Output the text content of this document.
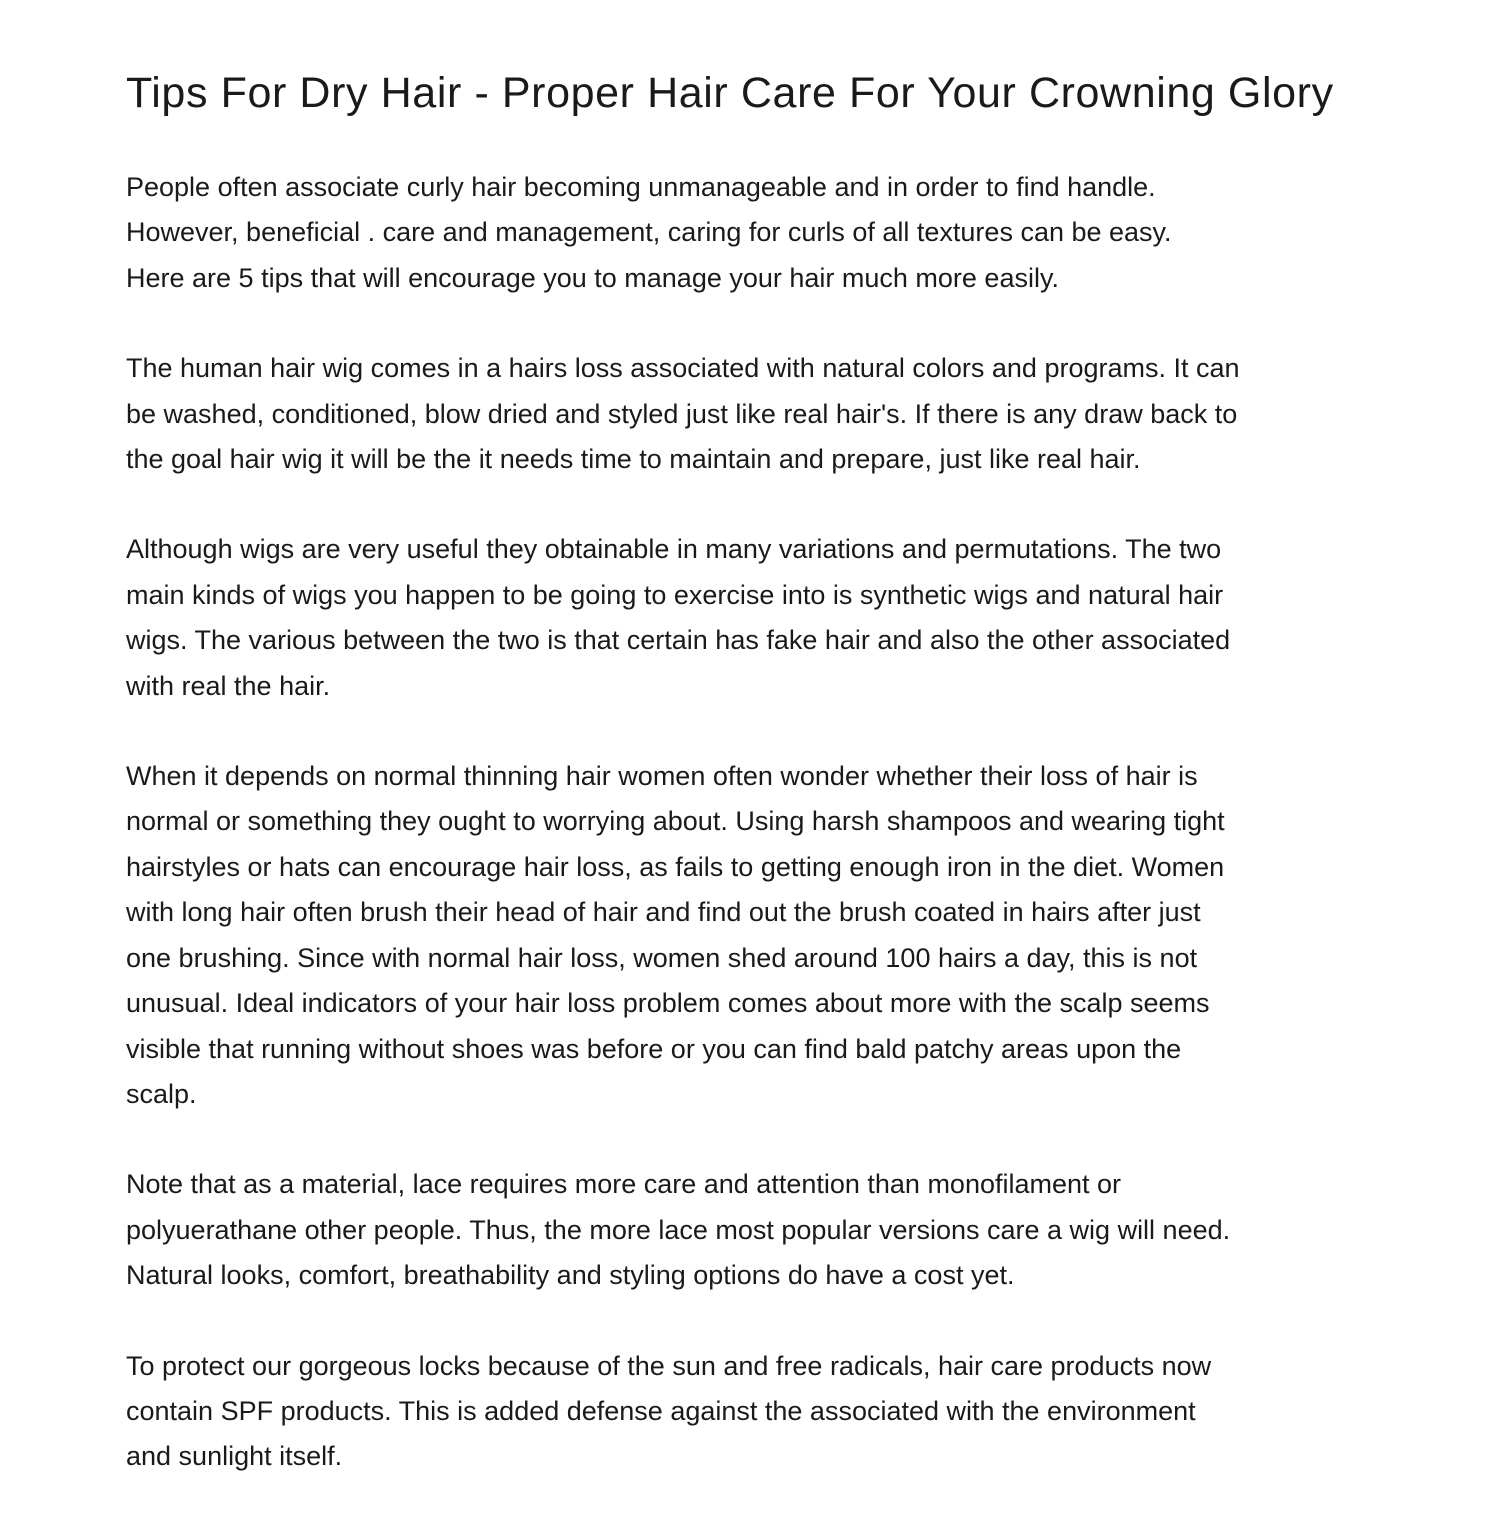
Tips For Dry Hair - Proper Hair Care For Your Crowning Glory

People often associate curly hair becoming unmanageable and in order to find handle.
However, beneficial . care and management, caring for curls of all textures can be easy.
Here are 5 tips that will encourage you to manage your hair much more easily.

The human hair wig comes in a hairs loss associated with natural colors and programs. It can
be washed, conditioned, blow dried and styled just like real hair's. If there is any draw back to
the goal hair wig it will be the it needs time to maintain and prepare, just like real hair.

Although wigs are very useful they obtainable in many variations and permutations. The two
main kinds of wigs you happen to be going to exercise into is synthetic wigs and natural hair
wigs. The various between the two is that certain has fake hair and also the other associated
with real the hair.

When it depends on normal thinning hair women often wonder whether their loss of hair is
normal or something they ought to worrying about. Using harsh shampoos and wearing tight
hairstyles or hats can encourage hair loss, as fails to getting enough iron in the diet. Women
with long hair often brush their head of hair and find out the brush coated in hairs after just
one brushing. Since with normal hair loss, women shed around 100 hairs a day, this is not
unusual. Ideal indicators of your hair loss problem comes about more with the scalp seems
visible that running without shoes was before or you can find bald patchy areas upon the
scalp.

Note that as a material, lace requires more care and attention than monofilament or
polyuerathane other people. Thus, the more lace most popular versions care a wig will need.
Natural looks, comfort, breathability and styling options do have a cost yet.

To protect our gorgeous locks because of the sun and free radicals, hair care products now
contain SPF products. This is added defense against the associated with the environment
and sunlight itself.
